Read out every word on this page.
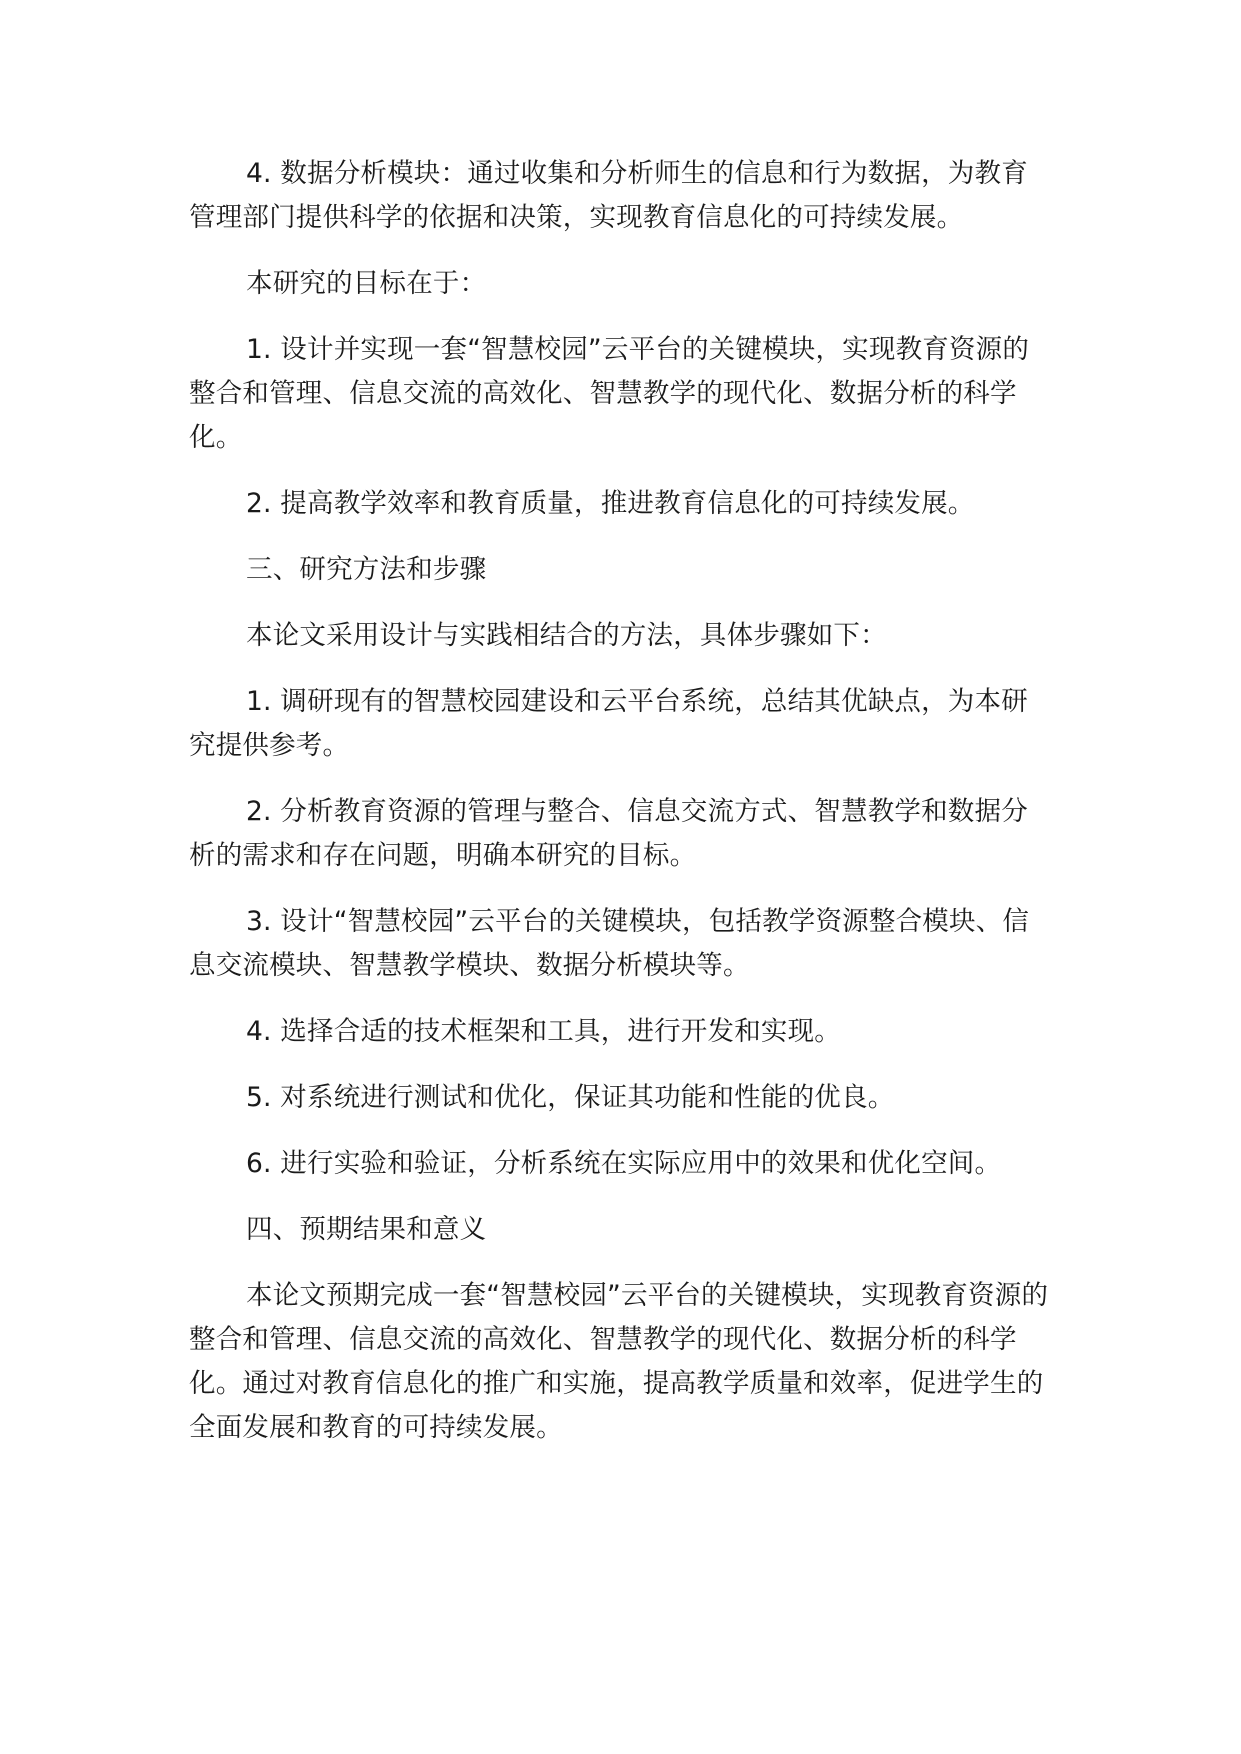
4. 数据分析模块：通过收集和分析师生的信息和行为数据，为教育管理部门提供科学的依据和决策，实现教育信息化的可持续发展。

本研究的目标在于：

1. 设计并实现一套“智慧校园”云平台的关键模块，实现教育资源的整合和管理、信息交流的高效化、智慧教学的现代化、数据分析的科学化。

2. 提高教学效率和教育质量，推进教育信息化的可持续发展。

三、研究方法和步骤

本论文采用设计与实践相结合的方法，具体步骤如下：

1. 调研现有的智慧校园建设和云平台系统，总结其优缺点，为本研究提供参考。

2. 分析教育资源的管理与整合、信息交流方式、智慧教学和数据分析的需求和存在问题，明确本研究的目标。

3. 设计“智慧校园”云平台的关键模块，包括教学资源整合模块、信息交流模块、智慧教学模块、数据分析模块等。

4. 选择合适的技术框架和工具，进行开发和实现。

5. 对系统进行测试和优化，保证其功能和性能的优良。

6. 进行实验和验证，分析系统在实际应用中的效果和优化空间。

四、预期结果和意义

本论文预期完成一套“智慧校园”云平台的关键模块，实现教育资源的整合和管理、信息交流的高效化、智慧教学的现代化、数据分析的科学化。通过对教育信息化的推广和实施，提高教学质量和效率，促进学生的全面发展和教育的可持续发展。
